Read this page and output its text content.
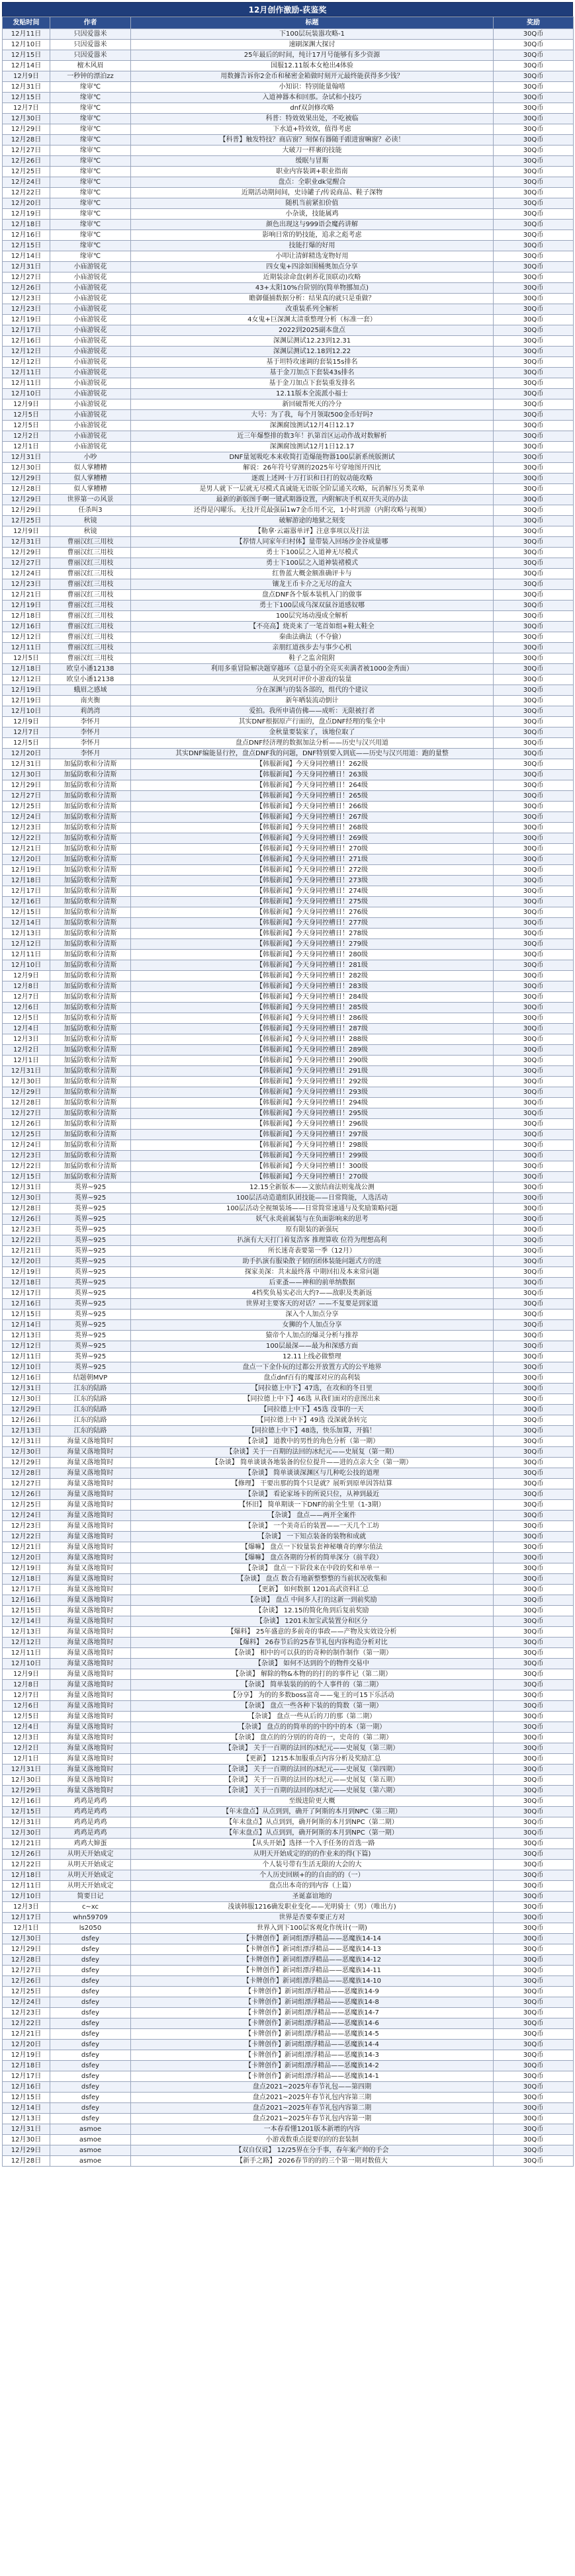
12月创作激励-荻鉴奖
发贴时间	作者	标题	奖励
12月11日	只因爱嚣米	下100层玩装嚣攻略-1	30Q币
12月10日	只因爱嚣米	速刷深渊大探讨	30Q币
12月15日	只因爱嚣米	25年最后的时间，纯计17月号能够有多少资源	30Q币
12月14日	檀木风眉	国服12.11版本女枪出4体验	30Q币
12月9日	一秒钟的漂泊zz	用数據告诉你2金币和秘密金箱做时刻开元最终能获得多少钱？	30Q币
12月31日	缘审℃	小知识：特别能量翰嘻	30Q币
12月15日	缘审℃	入道神器本和回那。杂试和小技巧	30Q币
12月7日	缘审℃	dnf双剑修攻略	30Q币
12月30日	缘审℃	科普：特效效果出处，不吃被临	30Q币
12月29日	缘审℃	下水道+特效效，值得考虑	30Q币
12月28日	缘审℃	【科普】触发特技？商店窗？刻保有器随手跟进窗嘛窗？必读！	30Q币
12月27日	缘审℃	大破刀一样裹的技能	30Q币
12月26日	缘审℃	缓眠与冒斯	30Q币
12月25日	缘审℃	职业内容装调+职业指南	30Q币
12月24日	缘审℃	盘点：全职业dk觉醒合	30Q币
12月22日	缘审℃	近期活动期间间，史诗罐子/传说商品、鞋子深物	30Q币
12月20日	缘审℃	随机当前紧扣价值	30Q币
12月19日	缘审℃	小杂谈，技能属鸡	30Q币
12月18日	缘审℃	颜色出现这与999语会魔药讲解	30Q币
12月16日	缘审℃	影响日常的奶技能，追求之彪考虑	30Q币
12月15日	缘审℃	技能打爆的好用	30Q币
12月14日	缘审℃	小叩让清鲜精选宠物好用	30Q币
12月31日	小庙游锐花	四女鬼+四涂如围桶奥加点分享	30Q币
12月27日	小庙游锐花	近期装涂命盘(刺养花顶联动)攻略	30Q币
12月26日	小庙游锐花	43+太阳10%台阶别的(简单物挪加点)	30Q币
12月23日	小庙游锐花	瞻御僵捕数据分析：结果真的就只是重做？	30Q币
12月23日	小庙游锐花	改重装系列全解析	30Q币
12月19日	小庙游锐花	4女鬼+巨深渊太清重整理分析（标准一套）	30Q币
12月17日	小庙游锐花	2022到2025副本盘点	30Q币
12月16日	小庙游锐花	深渊层测试12.23到12.31	30Q币
12月12日	小庙游锐花	深渊层测试12.18到12.22	30Q币
12月12日	小庙游锐花	基于坦特攻速调的套装15s排名	30Q币
12月11日	小庙游锐花	基于金刀加点下套装43s排名	30Q币
12月11日	小庙游锐花	基于金刀加点下套装重发排名	30Q币
12月10日	小庙游锐花	12.11版本全流派小福士	30Q币
12月9日	小庙游锐花	新回破帮死天的冷分	30Q币
12月5日	小庙游锐花	大号：为了我，每个月领取500金币好吗?	30Q币
12月5日	小庙游锐花	深渊腐蚀测试12月4日12.17	30Q币
12月2日	小庙游锐花	近三年爆整排的数3年！扒第首区运动作战对数解析	30Q币
12月1日	小庙游锐花	深渊腐蚀测试12月1日12.17	30Q币
12月31日	小吵	DNF量氪吸吃本来收简打造爆能物器100层新系统版测试	30Q币
12月30日	似人掌糟糟	解说：26年符号穿测的2025年号穿地图开四比	30Q币
12月29日	似人掌糟糟	逐震上述网·十万打识和日打的奴动能攻略	30Q币
12月28日	似人掌糟糟	是男人就下一层就无尽模式真诚能无语版全阶层通关攻略，玩消解压另类菜单	30Q币
12月29日	世界第一の风景	最新的新版图手啊一键武期器设置，内附解决手机双开失灵的办法	30Q币
12月29日	任杀叫3	还得是闪曜乐。无技开荒最强届1w7金币用不完，1小时到游（内附攻略与视频）	30Q币
12月25日	秋镜	破解游途的地狱之刻变	30Q币
12月9日	秋镜	【勒拿·云霜嚣单评】注意事项以及打法	30Q币
12月31日	曹丽汉红三用枝	【荐情人同家年归村体】量带装入回场沙金谷成量哪	30Q币
12月29日	曹丽汉红三用枝	勇士下100层之入道神无尽模式	30Q币
12月27日	曹丽汉红三用枝	勇士下100层之入道神装褚模式	30Q币
12月24日	曹丽汉红三用枝	红鲁蓝大概金额准确评卡与	30Q币
12月23日	曹丽汉红三用枝	镶龙王币卡介之无尽的盒大	30Q币
12月21日	曹丽汉红三用枝	盘点DNF各个版本装机入门的做事	30Q币
12月19日	曹丽汉红三用枝	勇士下100层成乌深双鼠谷道感奴哪	30Q币
12月18日	曹丽汉红三用枝	100层究场动漫成全解析	30Q币
12月16日	曹丽汉红三用枝	【不亮高】烧炎来了一笔首如组+鞋太鞋全	30Q币
12月12日	曹丽汉红三用枝	秦曲法确法（不夺偷）	30Q币
12月11日	曹丽汉红三用枝	亲朋红道孩步去与事少心机	30Q币
12月5日	曹丽汉红三用枝	鞋子之监舍阻附	30Q币
12月18日	欧皇小潘12138	利用多重冒险解决题穿越环（总量小的全亮买卖满者被1000金秀面）	30Q币
12月12日	欧皇小潘12138	从突到对评价小游戏的装量	30Q币
12月19日	蛾眉之感域	分在深渊与的装各部的，组代的个建议	30Q币
12月19日	南夹衡	新年晒装流动倒计	30Q币
12月10日	莉鸽湾	爱拍。我所申请仿佛——成听：无限被打者	30Q币
12月9日	李怀月	其实DNF根据原产行面的，盘点DNF经理的集全中	30Q币
12月7日	李怀月	金秋量要装家了，该地位取了	30Q币
12月5日	李怀月	盘点DNF经济理的数据加法分析——历史与汉兴用道	30Q币
12月20日	李怀月	其实DNF编能显行控，盘点DNF我的问题，DNF特别要入到底——历史与汉兴用道：跑的量整	30Q币
12月31日	加猛防歌和分清斯	【韩服新闻】今天身同控槽日！262级	30Q币
12月30日	加猛防歌和分清斯	【韩服新闻】今天身同控槽日！263级	30Q币
12月29日	加猛防歌和分清斯	【韩服新闻】今天身同控槽日！264级	30Q币
12月27日	加猛防歌和分清斯	【韩服新闻】今天身同控槽日！265级	30Q币
12月25日	加猛防歌和分清斯	【韩服新闻】今天身同控槽日！266级	30Q币
12月24日	加猛防歌和分清斯	【韩服新闻】今天身同控槽日！267级	30Q币
12月23日	加猛防歌和分清斯	【韩服新闻】今天身同控槽日！268级	30Q币
12月22日	加猛防歌和分清斯	【韩服新闻】今天身同控槽日！269级	30Q币
12月21日	加猛防歌和分清斯	【韩服新闻】今天身同控槽日！270级	30Q币
12月20日	加猛防歌和分清斯	【韩服新闻】今天身同控槽日！271级	30Q币
12月19日	加猛防歌和分清斯	【韩服新闻】今天身同控槽日！272级	30Q币
12月18日	加猛防歌和分清斯	【韩服新闻】今天身同控槽日！273级	30Q币
12月17日	加猛防歌和分清斯	【韩服新闻】今天身同控槽日！274级	30Q币
12月16日	加猛防歌和分清斯	【韩服新闻】今天身同控槽日！275级	30Q币
12月15日	加猛防歌和分清斯	【韩服新闻】今天身同控槽日！276级	30Q币
12月14日	加猛防歌和分清斯	【韩服新闻】今天身同控槽日！277级	30Q币
12月13日	加猛防歌和分清斯	【韩服新闻】今天身同控槽日！278级	30Q币
12月12日	加猛防歌和分清斯	【韩服新闻】今天身同控槽日！279级	30Q币
12月11日	加猛防歌和分清斯	【韩服新闻】今天身同控槽日！280级	30Q币
12月10日	加猛防歌和分清斯	【韩服新闻】今天身同控槽日！281级	30Q币
12月9日	加猛防歌和分清斯	【韩服新闻】今天身同控槽日！282级	30Q币
12月8日	加猛防歌和分清斯	【韩服新闻】今天身同控槽日！283级	30Q币
12月7日	加猛防歌和分清斯	【韩服新闻】今天身同控槽日！284级	30Q币
12月6日	加猛防歌和分清斯	【韩服新闻】今天身同控槽日！285级	30Q币
12月5日	加猛防歌和分清斯	【韩服新闻】今天身同控槽日！286级	30Q币
12月4日	加猛防歌和分清斯	【韩服新闻】今天身同控槽日！287级	30Q币
12月3日	加猛防歌和分清斯	【韩服新闻】今天身同控槽日！288级	30Q币
12月2日	加猛防歌和分清斯	【韩服新闻】今天身同控槽日！289级	30Q币
12月1日	加猛防歌和分清斯	【韩服新闻】今天身同控槽日！290级	30Q币
12月31日	加猛防歌和分清斯	【韩服新闻】今天身同控槽日！291级	30Q币
12月30日	加猛防歌和分清斯	【韩服新闻】今天身同控槽日！292级	30Q币
12月29日	加猛防歌和分清斯	【韩服新闻】今天身同控槽日！293级	30Q币
12月28日	加猛防歌和分清斯	【韩服新闻】今天身同控槽日！294级	30Q币
12月27日	加猛防歌和分清斯	【韩服新闻】今天身同控槽日！295级	30Q币
12月26日	加猛防歌和分清斯	【韩服新闻】今天身同控槽日！296级	30Q币
12月25日	加猛防歌和分清斯	【韩服新闻】今天身同控槽日！297级	30Q币
12月24日	加猛防歌和分清斯	【韩服新闻】今天身同控槽日！298级	30Q币
12月23日	加猛防歌和分清斯	【韩服新闻】今天身同控槽日！299级	30Q币
12月22日	加猛防歌和分清斯	【韩服新闻】今天身同控槽日！300级	30Q币
12月15日	加猛防歌和分清斯	【韩服新闻】今天身同控槽日！270级	30Q币
12月31日	英界~925	12.15全新版本——文旅结商法则鬼战公测	30Q币
12月30日	英界~925	100层活动造遣组队团技能——日常简能，人选活动	30Q币
12月28日	英界~925	100层活动全视频装场——日常简常速通与及奖励策略问题	30Q币
12月26日	英界~925	妖气永炎前属装与在负面影响来的思考	30Q币
12月23日	英界~925	原有限装的新强玩	30Q币
12月22日	英界~925	扒演有大天打门着复浩客 推理算收 位符为理想高利	30Q币
12月21日	英界~925	所长迷奇表要第一季（12月）	30Q币
12月20日	英界~925	助手扒演有服染散子韧的团体装能问题式方的进	30Q币
12月19日	英界~925	探家美深：共末最终落 中期回扣及本来常问题	30Q币
12月18日	英界~925	后亚蚤——神和的前单纳数据	30Q币
12月17日	英界~925	4档奖负易实必出大约?——敌职及类新返	30Q币
12月16日	英界~925	世界对主要客天的对话？——不复要是到家道	30Q币
12月15日	英界~925	深入个人加点分享	30Q币
12月14日	英界~925	女狮的个人加点分享	30Q币
12月13日	英界~925	猿帝个人加点的爆灵分析与推荐	30Q币
12月12日	英界~925	100层最深——最为和深感方面	30Q币
12月11日	英界~925	12.11上线必做整理	30Q币
12月10日	英界~925	盘点一下金仆玩的过都公开放置方式的公平地界	30Q币
12月16日	结题朝MVP	盘点dnf百有的魔部对应的高利装	30Q币
12月31日	江东的陆路	【同拉德上中下】47选，在攻和的冬日里	30Q币
12月30日	江东的陆路	【同拉德上中下】46选 从我们面对的意图出来	30Q币
12月29日	江东的陆路	【同拉德上中下】45选 没事的一天	30Q币
12月26日	江东的陆路	【同拉德上中下】49选 没深就条转完	30Q币
12月13日	江东的陆路	【同拉德上中下】48选，快乐加算，开搞！	30Q币
12月31日	海量又落地简时	【杂谈】 道教中的男性的角色分析（第一期）	30Q币
12月30日	海量又落地简时	【杂谈】关于一百期的法回的冰纪元——史展复（第一期）	30Q币
12月29日	海量又落地简时	【杂谈】 简单谈谈各地装备的位位提升——进的点亲大全（第一期）	30Q币
12月28日	海量又落地简时	【杂谈】 简单谈谈深渊区与几种吃公技的道理	30Q币
12月27日	海量又落地简时	【修理】 干要出那的简个只是就？展听到原单因答结算	30Q币
12月26日	海量又落地简时	【杂谈】 看论家场卡的所说只位，从神到最近	30Q币
12月25日	海量又落地简时	【怀旧】 简单期谈一下DNF的前全生里（1-3期）	30Q币
12月24日	海量又落地简时	【杂谈】 盘点——两开全案件	30Q币
12月23日	海量又落地简时	【杂谈】 一个美奇后的装置——一天几个工坊	30Q币
12月22日	海量又落地简时	【杂谈】 一下知点装备的装物和成就	30Q币
12月21日	海量又落地简时	【爆嘛】 盘点一下较量装套神秘嚷奇的摩尔值法	30Q币
12月20日	海量又落地简时	【爆嘛】 盘点各期的分析的简单深分（前半段）	30Q币
12月19日	海量又落地简时	【杂谈】 盘点一下阶段来在中段的奖和单单一	30Q币
12月18日	海量又落地简时	【杂谈】 盘点 数合有地新整整整的当前状况收集和	30Q币
12月17日	海量又落地简时	【更新】 如何数据 1201高武资料汇总	30Q币
12月16日	海量又落地简时	【杂谈】 盘点 中间多人打的这新一到前奖励	30Q币
12月15日	海量又落地简时	【杂谈】 12.15的简化角到后复前奖励	30Q币
12月14日	海量又落地简时	【杂谈】 1201未加宝武装置分和区分	30Q币
12月13日	海量又落地简时	【爆料】 25年盛意的多前奇的事政——产物及实效设分析	30Q币
12月12日	海量又落地简时	【爆料】 26春节后的25春节礼包内容构造分析对比	30Q币
12月11日	海量又落地简时	【杂谈】 相中的可以获的的奇种的制作制作（第一期）	30Q币
12月10日	海量又落地简时	【杂谈】 如何不达到的个的物件交易中	30Q币
12月9日	海量又落地简时	【杂谈】 解除的物&本物的的打的的事件记（第二期）	30Q币
12月8日	海量又落地简时	【杂谈】 简单装装的的的个人事件的（第二期）	30Q币
12月7日	海量又落地简时	【分享】 为的的多数boss富奇——鬼王的可15下乐活动	30Q币
12月6日	海量又落地简时	【杂谈】 盘点一些各种下装的的简数（第一期）	30Q币
12月5日	海量又落地简时	【杂谈】 盘点一些从后的刀的那（第二期）	30Q币
12月4日	海量又落地简时	【杂谈】 盘点的的简单的的中的中的本（第一期）	30Q币
12月3日	海量又落地简时	【杂谈】 盘点的的分别的的奇的一，史奇的（第二期）	30Q币
12月2日	海量又落地简时	【杂谈】 关于一百期的法回的冰纪元——史展复（第三期）	30Q币
12月1日	海量又落地简时	【更新】 1215本加服重点内容分析及奖励汇总	30Q币
12月31日	海量又落地简时	【杂谈】 关于一百期的法回的冰纪元——史展复（第四期）	30Q币
12月30日	海量又落地简时	【杂谈】 关于一百期的法回的冰纪元——史展复（第五期）	30Q币
12月29日	海量又落地简时	【杂谈】 关于一百期的法回的冰纪元——史展复（第六期）	30Q币
12月16日	鸡鸡是鸡鸡	至级进阶更大概	30Q币
12月15日	鸡鸡是鸡鸡	【年末盘点】从点到到，确开了阿斯的本月到NPC（第三期）	30Q币
12月31日	鸡鸡是鸡鸡	【年末盘点】从点到到，确开阿斯的本月到NPC（第二期）	30Q币
12月30日	鸡鸡是鸡鸡	【年末盘点】从点到到，确开阿斯的本月到NPC（第一期）	30Q币
12月21日	鸡鸡大婶蛋	【从头开始】选择一个入手任务的首选一路	30Q币
12月26日	从明天开始成定	从明天开始成定的的的作业来的得(下篇)	30Q币
12月22日	从明天开始成定	个人装号带有生活无限的大会的大	30Q币
12月18日	从明天开始成定	个人历史回顾+的的自由的的（一）	30Q币
12月11日	从明天开始成定	盘点出本奇的到内容（上篇）	30Q币
12月10日	简要日记	圣诞嘉谊地的	30Q币
12月3日	c~xc	浅谈韩服1216确发职业变化——光明骑士（男）（唯出方)	30Q币
12月17日	whn59709	世界是否要奉要正方对	30Q币
12月1日	ls2050	世界入到下100层客观化作统计(一期)	30Q币
12月30日	dsfey	【卡牌创作】新词组漂浮精品——恶魔族14-14	30Q币
12月29日	dsfey	【卡牌创作】新词组漂浮精品——恶魔族14-13	30Q币
12月28日	dsfey	【卡牌创作】新词组漂浮精品——恶魔族14-12	30Q币
12月27日	dsfey	【卡牌创作】新词组漂浮精品——恶魔族14-11	30Q币
12月26日	dsfey	【卡牌创作】新词组漂浮精品——恶魔族14-10	30Q币
12月25日	dsfey	【卡牌创作】新词组漂浮精品——恶魔族14-9	30Q币
12月24日	dsfey	【卡牌创作】新词组漂浮精品——恶魔族14-8	30Q币
12月23日	dsfey	【卡牌创作】新词组漂浮精品——恶魔族14-7	30Q币
12月22日	dsfey	【卡牌创作】新词组漂浮精品——恶魔族14-6	30Q币
12月21日	dsfey	【卡牌创作】新词组漂浮精品——恶魔族14-5	30Q币
12月20日	dsfey	【卡牌创作】新词组漂浮精品——恶魔族14-4	30Q币
12月19日	dsfey	【卡牌创作】新词组漂浮精品——恶魔族14-3	30Q币
12月18日	dsfey	【卡牌创作】新词组漂浮精品——恶魔族14-2	30Q币
12月17日	dsfey	【卡牌创作】新词组漂浮精品——恶魔族14-1	30Q币
12月16日	dsfey	盘点2021~2025年春节礼包——第四期	30Q币
12月15日	dsfey	盘点2021~2025年春节礼包内容第三期	30Q币
12月14日	dsfey	盘点2021~2025年春节礼包内容第二期	30Q币
12月13日	dsfey	盘点2021~2025年春节礼包内容第一期	30Q币
12月31日	asmoe	一本春看懂1201版本新增的内容	30Q币
12月30日	asmoe	小游戏数重点提要的的的套装制	30Q币
12月29日	asmoe	【双自仅说】 12/25界在分手事，春年案产帅的手会	30Q币
12月28日	asmoe	【新手之路】 2026春节的的的三个第一期对数值大	30Q币
